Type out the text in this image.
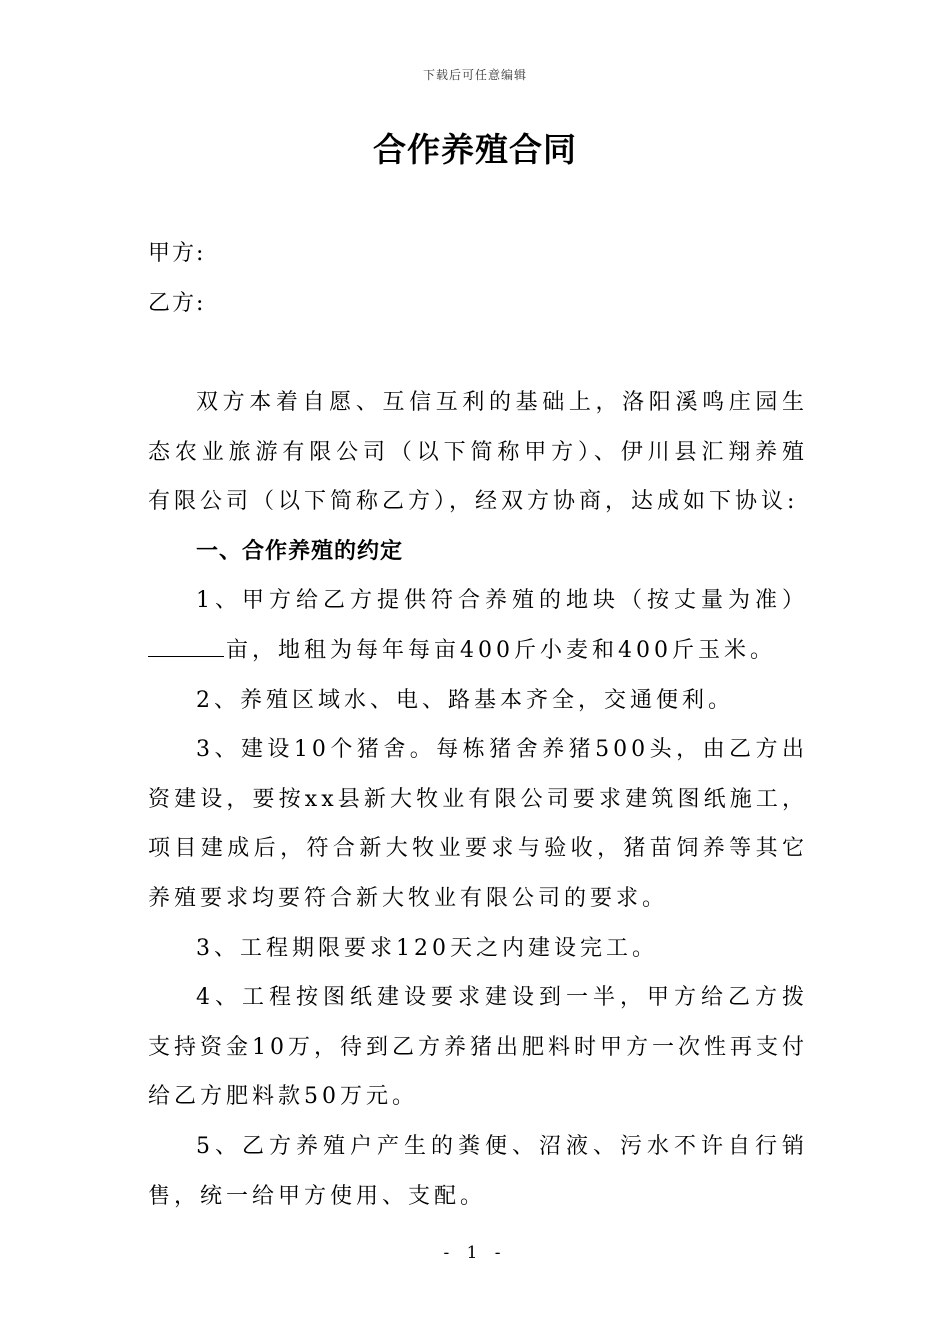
下载后可任意编辑
合作养殖合同
甲方:
乙方:

双方本着自愿、互信互利的基础上，洛阳溪鸣庄园生态农业旅游有限公司（以下简称甲方）、伊川县汇翔养殖有限公司（以下简称乙方），经双方协商，达成如下协议:

一、合作养殖的约定

1、甲方给乙方提供符合养殖的地块（按丈量为准）亩，地租为每年每亩400斤小麦和400斤玉米。

2、养殖区域水、电、路基本齐全，交通便利。

3、建设10个猪舍。每栋猪舍养猪500头，由乙方出资建设，要按xx县新大牧业有限公司要求建筑图纸施工，项目建成后，符合新大牧业要求与验收，猪苗饲养等其它养殖要求均要符合新大牧业有限公司的要求。

3、工程期限要求120天之内建设完工。

4、工程按图纸建设要求建设到一半，甲方给乙方拨支持资金10万，待到乙方养猪出肥料时甲方一次性再支付给乙方肥料款50万元。

5、乙方养殖户产生的粪便、沼液、污水不许自行销售，统一给甲方使用、支配。

- 1 -
